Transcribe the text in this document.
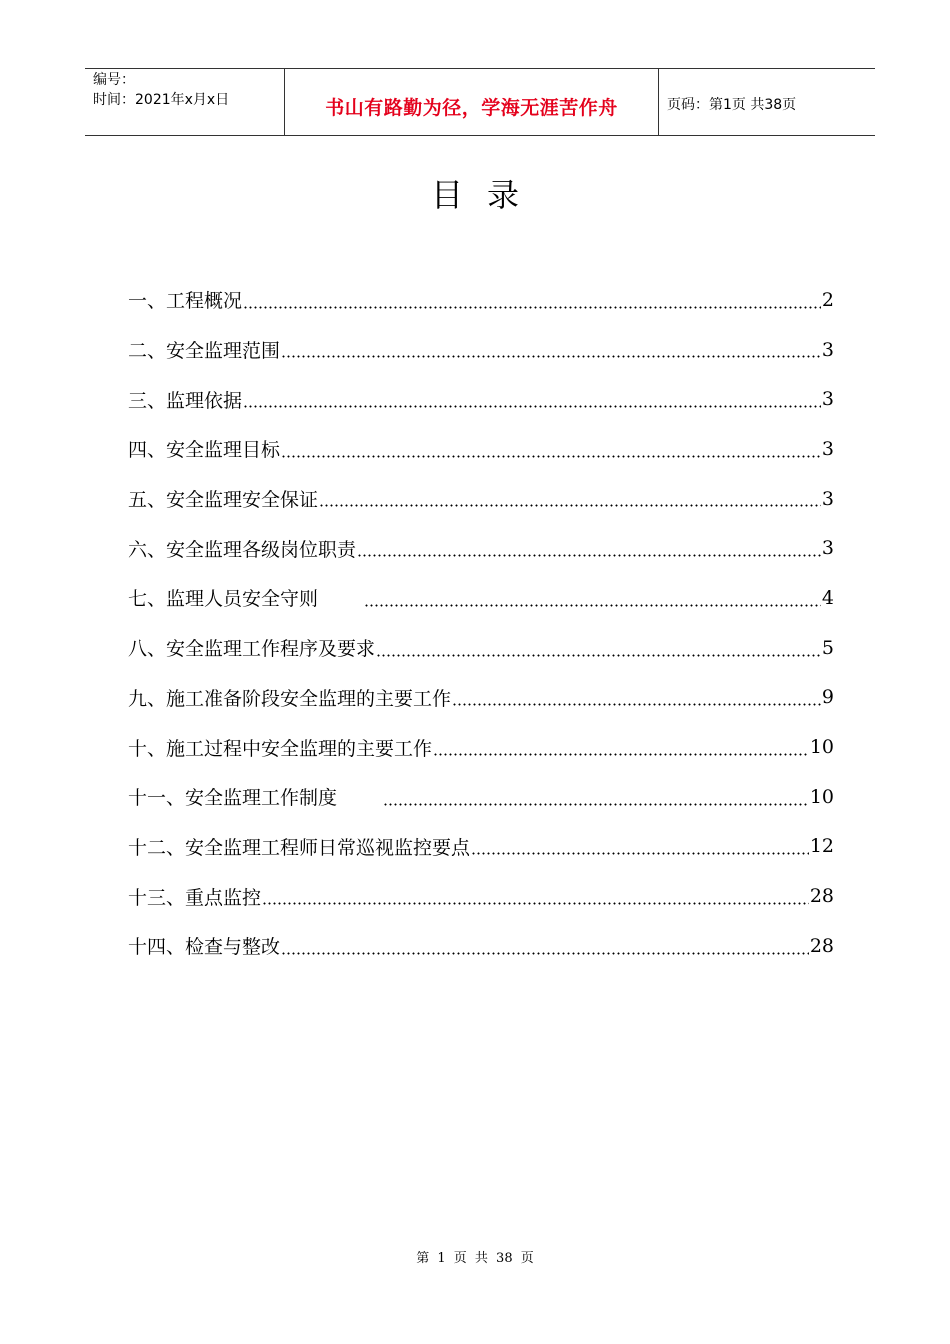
编号：
时间：2021年x月x日	书山有路勤为径，学海无涯苦作舟	页码：第1页 共38页
目录
一、工程概况	2
二、安全监理范围	3
三、监理依据	3
四、安全监理目标	3
五、安全监理安全保证	3
六、安全监理各级岗位职责	3
七、监理人员安全守则	4
八、安全监理工作程序及要求	5
九、施工准备阶段安全监理的主要工作	9
十、施工过程中安全监理的主要工作	10
十一、安全监理工作制度	10
十二、安全监理工程师日常巡视监控要点	12
十三、重点监控	28
十四、检查与整改	28
第 1 页 共 38 页
